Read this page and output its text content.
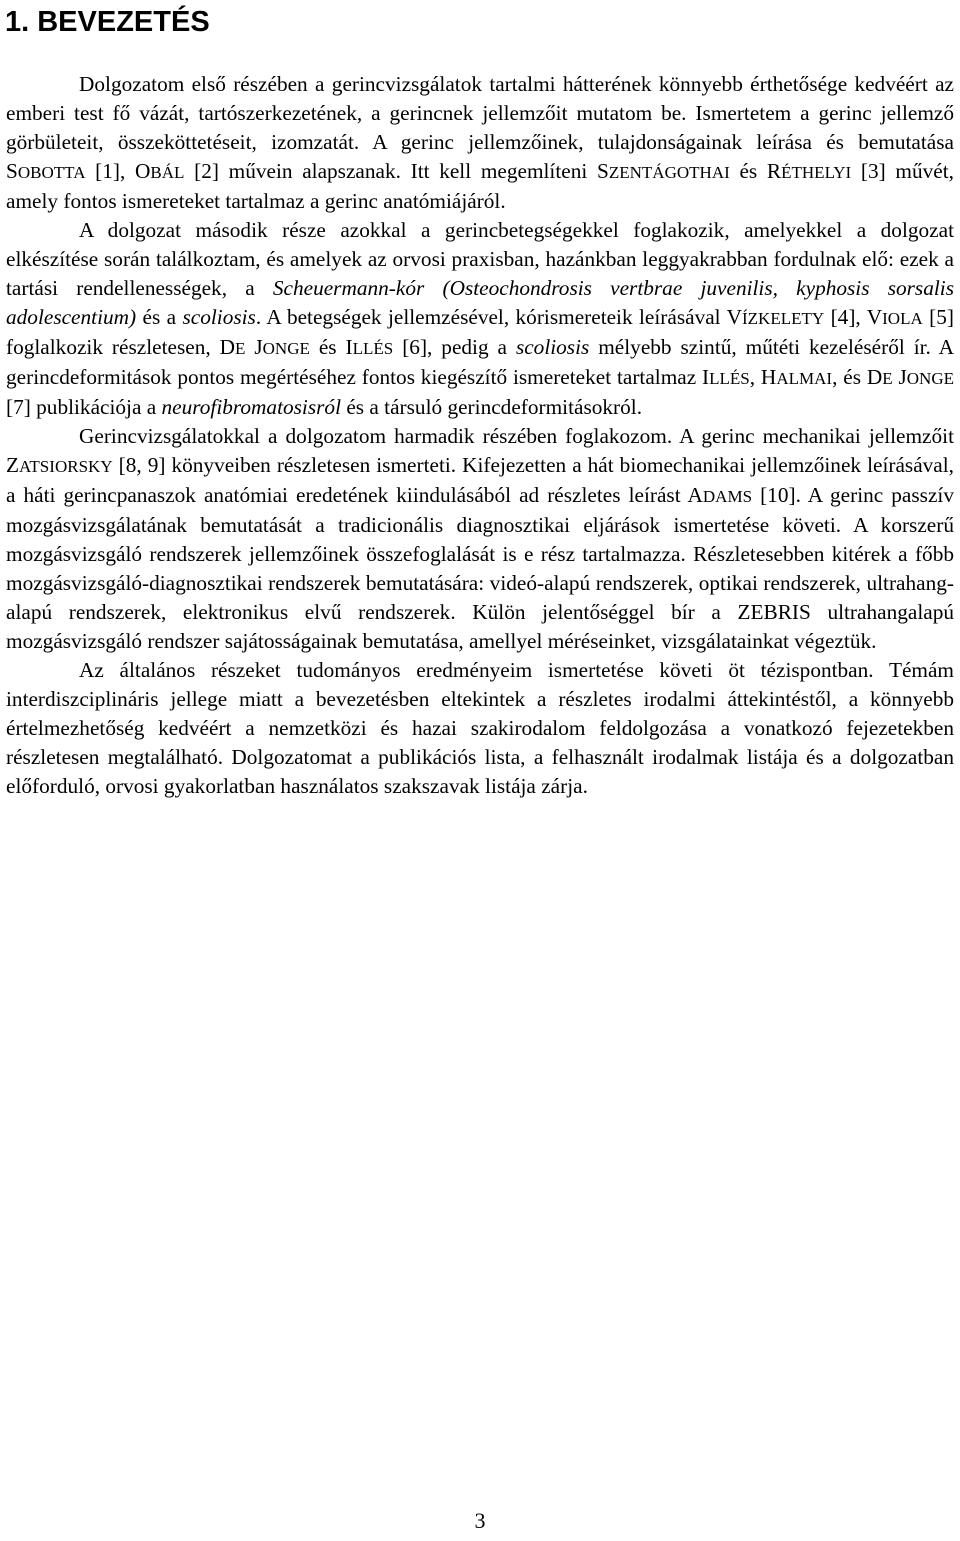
1. BEVEZETÉS

Dolgozatom első részében a gerincvizsgálatok tartalmi hátterének könnyebb érthetősége kedvéért az emberi test fő vázát, tartószerkezetének, a gerincnek jellemzőit mutatom be. Ismertetem a gerinc jellemző görbületeit, összeköttetéseit, izomzatát. A gerinc jellemzőinek, tulajdonságainak leírása és bemutatása SOBOTTA [1], OBÁL [2] művein alapszanak. Itt kell megemlíteni SZENTÁGOTHAI és RÉTHELYI [3] művét, amely fontos ismereteket tartalmaz a gerinc anatómiájáról.

A dolgozat második része azokkal a gerincbetegségekkel foglakozik, amelyekkel a dolgozat elkészítése során találkoztam, és amelyek az orvosi praxisban, hazánkban leggyakrabban fordulnak elő: ezek a tartási rendellenességek, a Scheuermann-kór (Osteochondrosis vertbrae juvenilis, kyphosis sorsalis adolescentium) és a scoliosis. A betegségek jellemzésével, kórismereteik leírásával VÍZKELETY [4], VIOLA [5] foglalkozik részletesen, DE JONGE és ILLÉS [6], pedig a scoliosis mélyebb szintű, műtéti kezeléséről ír. A gerincdeformitások pontos megértéséhez fontos kiegészítő ismereteket tartalmaz ILLÉS, HALMAI, és DE JONGE [7] publikációja a neurofibromatosisról és a társuló gerincdeformitásokról.

Gerincvizsgálatokkal a dolgozatom harmadik részében foglakozom. A gerinc mechanikai jellemzőit ZATSIORSKY [8, 9] könyveiben részletesen ismerteti. Kifejezetten a hát biomechanikai jellemzőinek leírásával, a háti gerincpanaszok anatómiai eredetének kiindulásából ad részletes leírást ADAMS [10]. A gerinc passzív mozgásvizsgálatának bemutatását a tradicionális diagnosztikai eljárások ismertetése követi. A korszerű mozgásvizsgáló rendszerek jellemzőinek összefoglalását is e rész tartalmazza. Részletesebben kitérek a főbb mozgásvizsgáló-diagnosztikai rendszerek bemutatására: videó-alapú rendszerek, optikai rendszerek, ultrahang-alapú rendszerek, elektronikus elvű rendszerek. Külön jelentőséggel bír a ZEBRIS ultrahangalapú mozgásvizsgáló rendszer sajátosságainak bemutatása, amellyel méréseinket, vizsgálatainkat végeztük.

Az általános részeket tudományos eredményeim ismertetése követi öt tézispontban. Témám interdiszciplináris jellege miatt a bevezetésben eltekintek a részletes irodalmi áttekintéstől, a könnyebb értelmezhetőség kedvéért a nemzetközi és hazai szakirodalom feldolgozása a vonatkozó fejezetekben részletesen megtalálható. Dolgozatomat a publikációs lista, a felhasznált irodalmak listája és a dolgozatban előforduló, orvosi gyakorlatban használatos szakszavak listája zárja.

3
